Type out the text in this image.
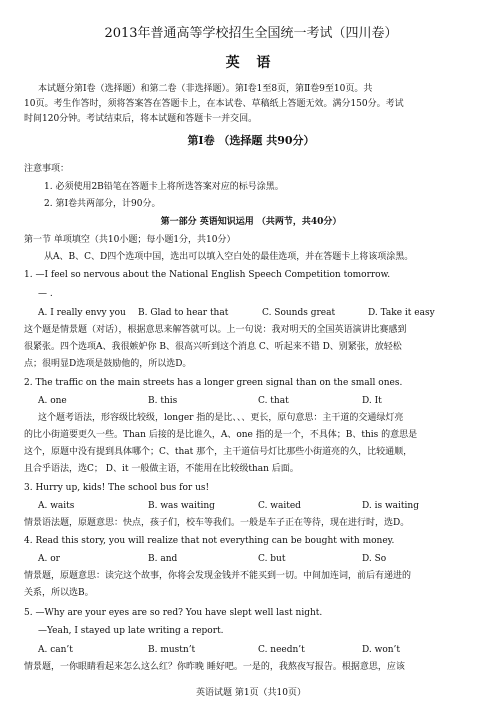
2013年普通高等学校招生全国统一考试（四川卷）
英 语
本试题分第Ⅰ卷（选择题）和第二卷（非选择题）。第Ⅰ卷1至8页，第Ⅱ卷9至10页。共
10页。考生作答时，须将答案答在答题卡上，在本试卷、草稿纸上答题无效。满分150分。考试
时间120分钟。考试结束后，将本试题和答题卡一并交回。
第Ⅰ卷 （选择题 共90分）
注意事项：
1. 必须使用2B铅笔在答题卡上将所选答案对应的标号涂黑。
2. 第Ⅰ卷共两部分，计90分。
第一部分 英语知识运用 （共两节，共40分）
第一节 单项填空（共10小题；每小题1分，共10分）
从A、B、C、D四个选项中国，选出可以填入空白处的最佳选项，并在答题卡上将该项涂黑。
1. —I feel so nervous about the National English Speech Competition tomorrow.
— .
A. I really envy you B. Glad to hear that	C. Sounds great	D. Take it easy
这个题是情景题（对话），根据意思来解答就可以。上一句说：我对明天的全国英语演讲比赛感到
很紧张。四个选项A、我很嫉妒你 B、很高兴听到这个消息 C、听起来不错 D、别紧张，放轻松
点；很明显D选项是鼓励他的，所以选D。
2. The traffic on the main streets has a longer green signal than on the small ones.
A. one	B. this	C. that	D. It
这个题考语法，形容级比较级，longer 指的是比、、、更长，原句意思：主干道的交通绿灯亮
的比小街道要更久一些。Than 后接的是比谁久，A、one 指的是一个，不具体；B、this 的意思是
这个，原题中没有提到具体哪个；C、that 那个，主干道信号灯比那些小街道亮的久，比较通顺，
且合乎语法，选C； D、it 一般做主语，不能用在比较级than 后面。
3. Hurry up, kids! The school bus for us!
A. waits	B. was waiting	C. waited	D. is waiting
情景语法题，原题意思：快点，孩子们，校车等我们。一般是车子正在等待，现在进行时，选D。
4. Read this story, you will realize that not everything can be bought with money.
A. or	B. and	C. but	D. So
情景题，原题意思：读完这个故事，你将会发现金钱并不能买到一切。中间加连词，前后有递进的
关系，所以选B。
5. —Why are your eyes are so red? You have slept well last night.
—Yeah, I stayed up late writing a report.
A. can’t	B. mustn’t	C. needn’t	D. won’t
情景题，一你眼睛看起来怎么这么红？你昨晚 睡好吧。一是的，我熬夜写报告。根据意思，应该
英语试题 第1页（共10页）
